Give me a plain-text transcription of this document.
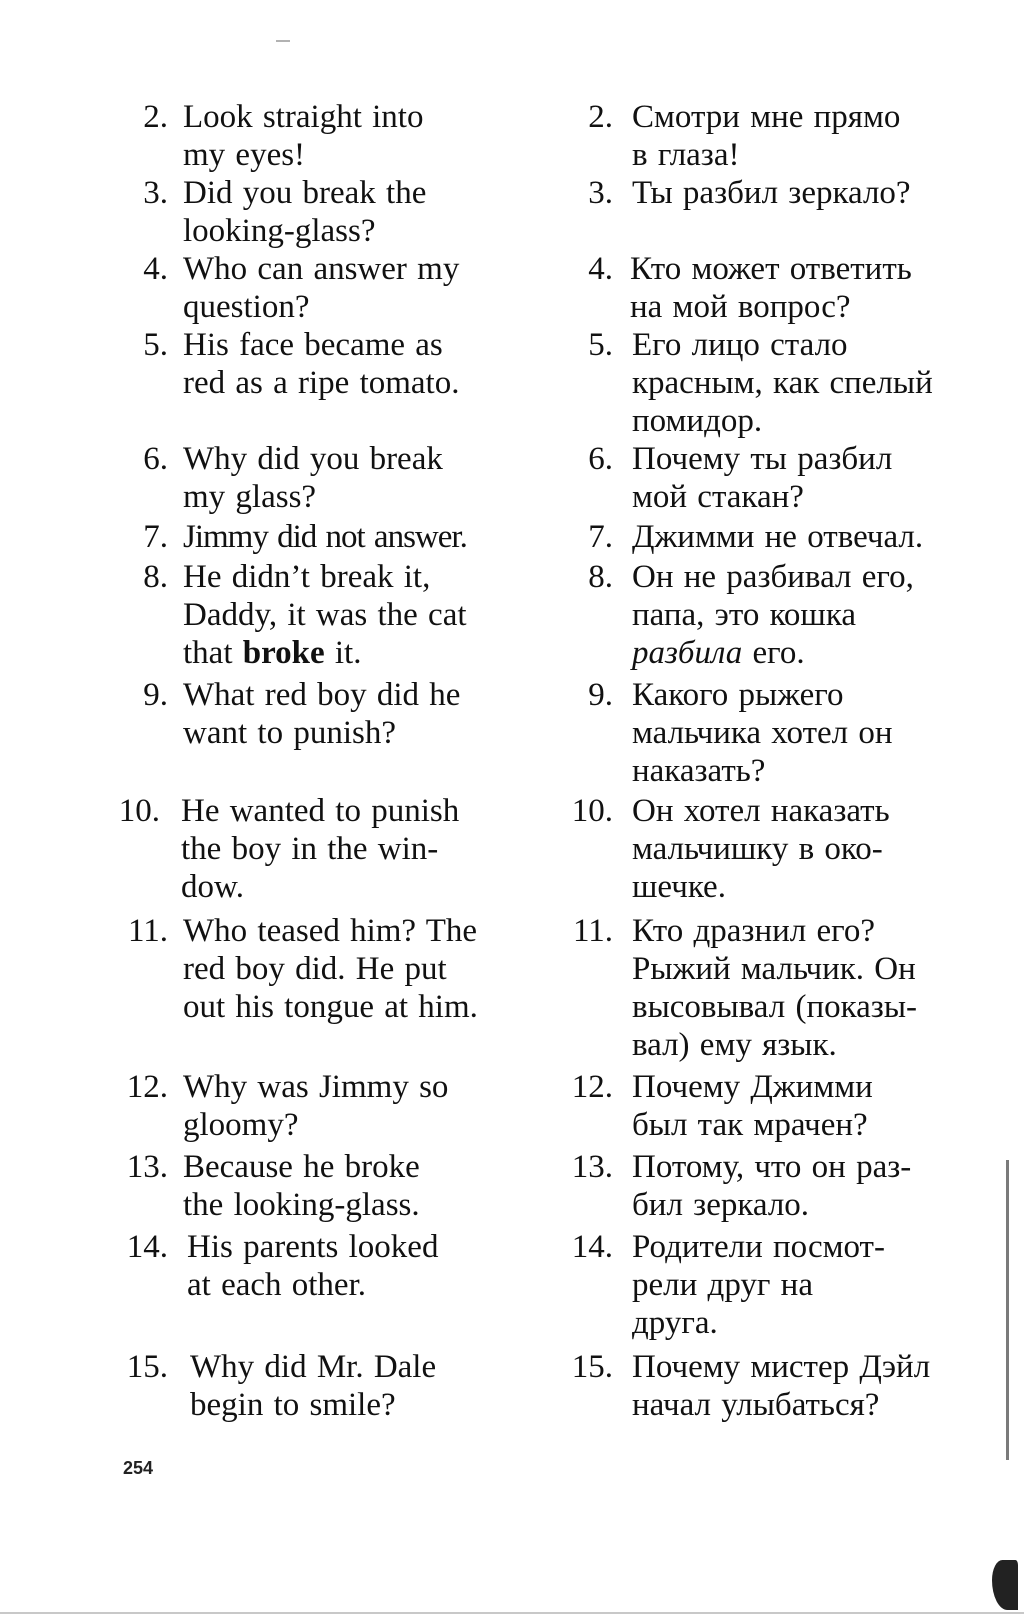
2. Look straight into
my eyes!
3. Did you break the
looking-glass?
4. Who can answer my
question?
5. His face became as
red as a ripe tomato.
6. Why did you break
my glass?
7. Jimmy did not answer.
8. He didn’t break it,
Daddy, it was the cat
that broke it.
9. What red boy did he
want to punish?
10. He wanted to punish
the boy in the win-
dow.
11. Who teased him? The
red boy did. He put
out his tongue at him.
12. Why was Jimmy so
gloomy?
13. Because he broke
the looking-glass.
14. His parents looked
at each other.
15. Why did Mr. Dale
begin to smile?
2. Смотри мне прямо
в глаза!
3. Ты разбил зеркало?
4. Кто может ответить
на мой вопрос?
5. Его лицо стало
красным, как спелый
помидор.
6. Почему ты разбил
мой стакан?
7. Джимми не отвечал.
8. Он не разбивал его,
папа, это кошка
разбила его.
9. Какого рыжего
мальчика хотел он
наказать?
10. Он хотел наказать
мальчишку в око-
шечке.
11. Кто дразнил его?
Рыжий мальчик. Он
высовывал (показы-
вал) ему язык.
12. Почему Джимми
был так мрачен?
13. Потому, что он раз-
бил зеркало.
14. Родители посмот-
рели друг на
друга.
15. Почему мистер Дэйл
начал улыбаться?
254
